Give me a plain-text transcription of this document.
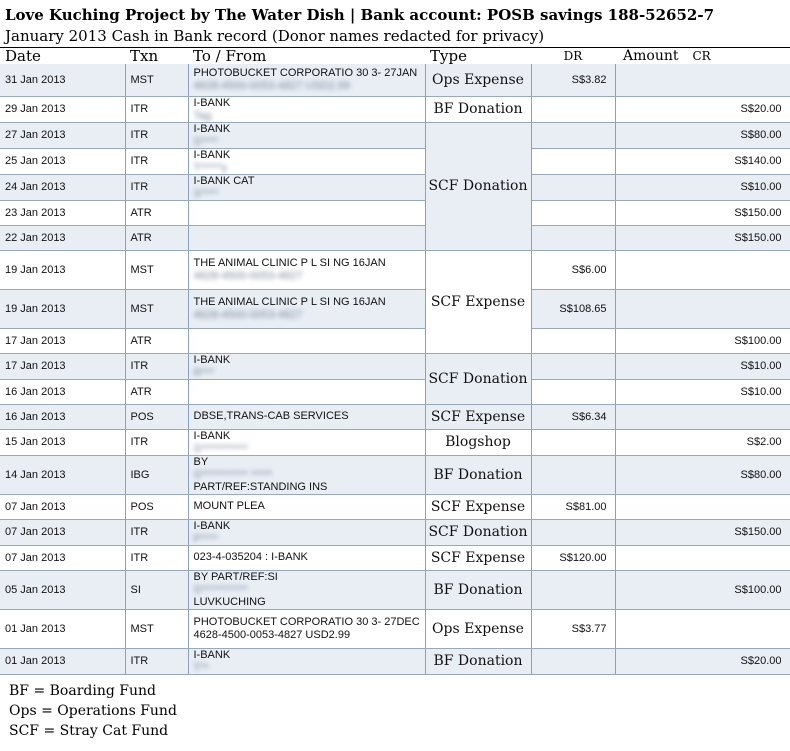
Love Kuching Project by The Water Dish | Bank account: POSB savings 188-52652-7
January 2013 Cash in Bank record (Donor names redacted for privacy)
Date	Txn	To / From	Type	DR	Amount CR
31 Jan 2013	MST	PHOTOBUCKET CORPORATIO 30 3- 27JAN
4628-4500-0053-4827 USD2.99	Ops Expense	S$3.82	
29 Jan 2013	ITR	I-BANK
Tag	BF Donation		S$20.00
27 Jan 2013	ITR	I-BANK
S****	SCF Donation		S$80.00
25 Jan 2013	ITR	I-BANK
T*****y			S$140.00
24 Jan 2013	ITR	I-BANK CAT
S****			S$10.00
23 Jan 2013	ATR				S$150.00
22 Jan 2013	ATR				S$150.00
19 Jan 2013	MST	THE ANIMAL CLINIC P L SI NG 16JAN
4628-4500-0053-4827	SCF Expense	S$6.00	
19 Jan 2013	MST	THE ANIMAL CLINIC P L SI NG 16JAN
4628-4500-0053-4827		S$108.65	
17 Jan 2013	ATR				S$100.00
17 Jan 2013	ITR	I-BANK
R***	SCF Donation		S$10.00
16 Jan 2013	ATR				S$10.00
16 Jan 2013	POS	DBSE,TRANS-CAB SERVICES	SCF Expense	S$6.34	
15 Jan 2013	ITR	I-BANK
S***********	Blogshop		S$2.00
14 Jan 2013	IBG	BY
S*********** *****
PART/REF:STANDING INS	BF Donation		S$80.00
07 Jan 2013	POS	MOUNT PLEA	SCF Expense	S$81.00	
07 Jan 2013	ITR	I-BANK
P****	SCF Donation		S$150.00
07 Jan 2013	ITR	023-4-035204 : I-BANK	SCF Expense	S$120.00	
05 Jan 2013	SI	BY PART/REF:SI
S***********
LUVKUCHING	BF Donation		S$100.00
01 Jan 2013	MST	PHOTOBUCKET CORPORATIO 30 3- 27DEC
4628-4500-0053-4827 USD2.99	Ops Expense	S$3.77	
01 Jan 2013	ITR	I-BANK
T**	BF Donation		S$20.00
BF = Boarding Fund
Ops = Operations Fund
SCF = Stray Cat Fund
